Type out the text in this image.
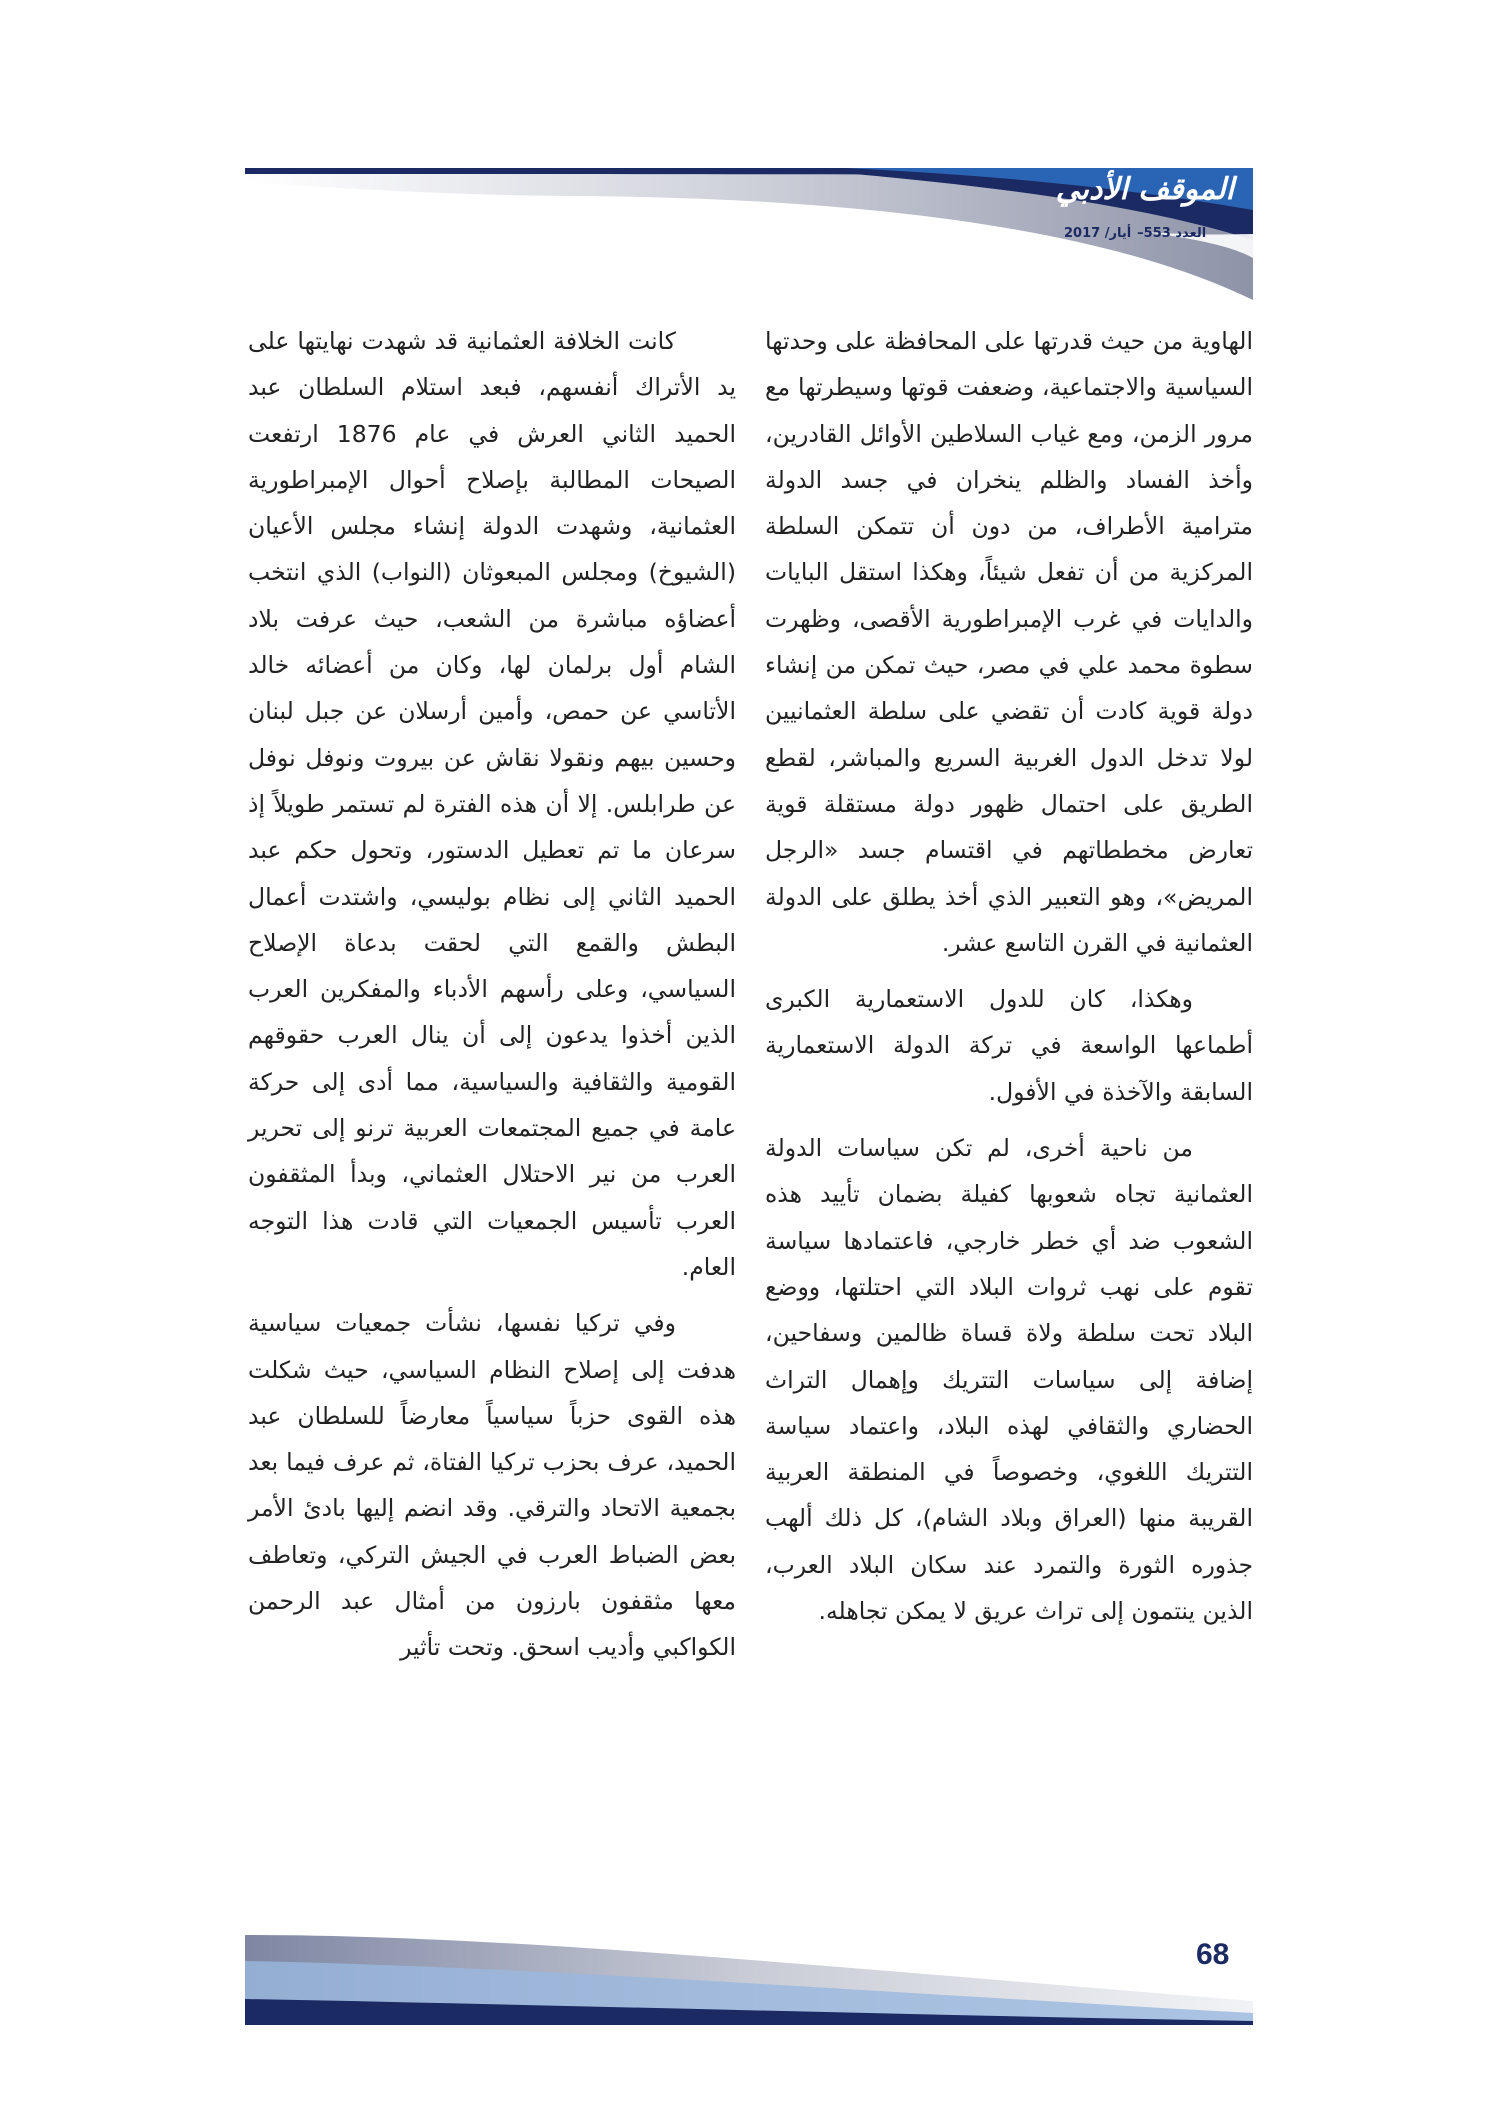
الموقف الأدبي
العدد 553–
أيار/ 2017

الهاوية من حيث قدرتها على المحافظة على وحدتها السياسية والاجتماعية، وضعفت قوتها وسيطرتها مع مرور الزمن، ومع غياب السلاطين الأوائل القادرين، وأخذ الفساد والظلم ينخران في جسد الدولة مترامية الأطراف، من دون أن تتمكن السلطة المركزية من أن تفعل شيئاً، وهكذا استقل البايات والدايات في غرب الإمبراطورية الأقصى، وظهرت سطوة محمد علي في مصر، حيث تمكن من إنشاء دولة قوية كادت أن تقضي على سلطة العثمانيين لولا تدخل الدول الغربية السريع والمباشر، لقطع الطريق على احتمال ظهور دولة مستقلة قوية تعارض مخططاتهم في اقتسام جسد «الرجل المريض»، وهو التعبير الذي أخذ يطلق على الدولة العثمانية في القرن التاسع عشر.

وهكذا، كان للدول الاستعمارية الكبرى أطماعها الواسعة في تركة الدولة الاستعمارية السابقة والآخذة في الأفول.

من ناحية أخرى، لم تكن سياسات الدولة العثمانية تجاه شعوبها كفيلة بضمان تأييد هذه الشعوب ضد أي خطر خارجي، فاعتمادها سياسة تقوم على نهب ثروات البلاد التي احتلتها، ووضع البلاد تحت سلطة ولاة قساة ظالمين وسفاحين، إضافة إلى سياسات التتريك وإهمال التراث الحضاري والثقافي لهذه البلاد، واعتماد سياسة التتريك اللغوي، وخصوصاً في المنطقة العربية القريبة منها (العراق وبلاد الشام)، كل ذلك ألهب جذوره الثورة والتمرد عند سكان البلاد العرب، الذين ينتمون إلى تراث عريق لا يمكن تجاهله.

كانت الخلافة العثمانية قد شهدت نهايتها على يد الأتراك أنفسهم، فبعد استلام السلطان عبد الحميد الثاني العرش في عام 1876 ارتفعت الصيحات المطالبة بإصلاح أحوال الإمبراطورية العثمانية، وشهدت الدولة إنشاء مجلس الأعيان (الشيوخ) ومجلس المبعوثان (النواب) الذي انتخب أعضاؤه مباشرة من الشعب، حيث عرفت بلاد الشام أول برلمان لها، وكان من أعضائه خالد الأتاسي عن حمص، وأمين أرسلان عن جبل لبنان وحسين بيهم ونقولا نقاش عن بيروت ونوفل نوفل عن طرابلس. إلا أن هذه الفترة لم تستمر طويلاً إذ سرعان ما تم تعطيل الدستور، وتحول حكم عبد الحميد الثاني إلى نظام بوليسي، واشتدت أعمال البطش والقمع التي لحقت بدعاة الإصلاح السياسي، وعلى رأسهم الأدباء والمفكرين العرب الذين أخذوا يدعون إلى أن ينال العرب حقوقهم القومية والثقافية والسياسية، مما أدى إلى حركة عامة في جميع المجتمعات العربية ترنو إلى تحرير العرب من نير الاحتلال العثماني، وبدأ المثقفون العرب تأسيس الجمعيات التي قادت هذا التوجه العام.

وفي تركيا نفسها، نشأت جمعيات سياسية هدفت إلى إصلاح النظام السياسي، حيث شكلت هذه القوى حزباً سياسياً معارضاً للسلطان عبد الحميد، عرف بحزب تركيا الفتاة، ثم عرف فيما بعد بجمعية الاتحاد والترقي. وقد انضم إليها بادئ الأمر بعض الضباط العرب في الجيش التركي، وتعاطف معها مثقفون بارزون من أمثال عبد الرحمن الكواكبي وأديب اسحق. وتحت تأثير

68
